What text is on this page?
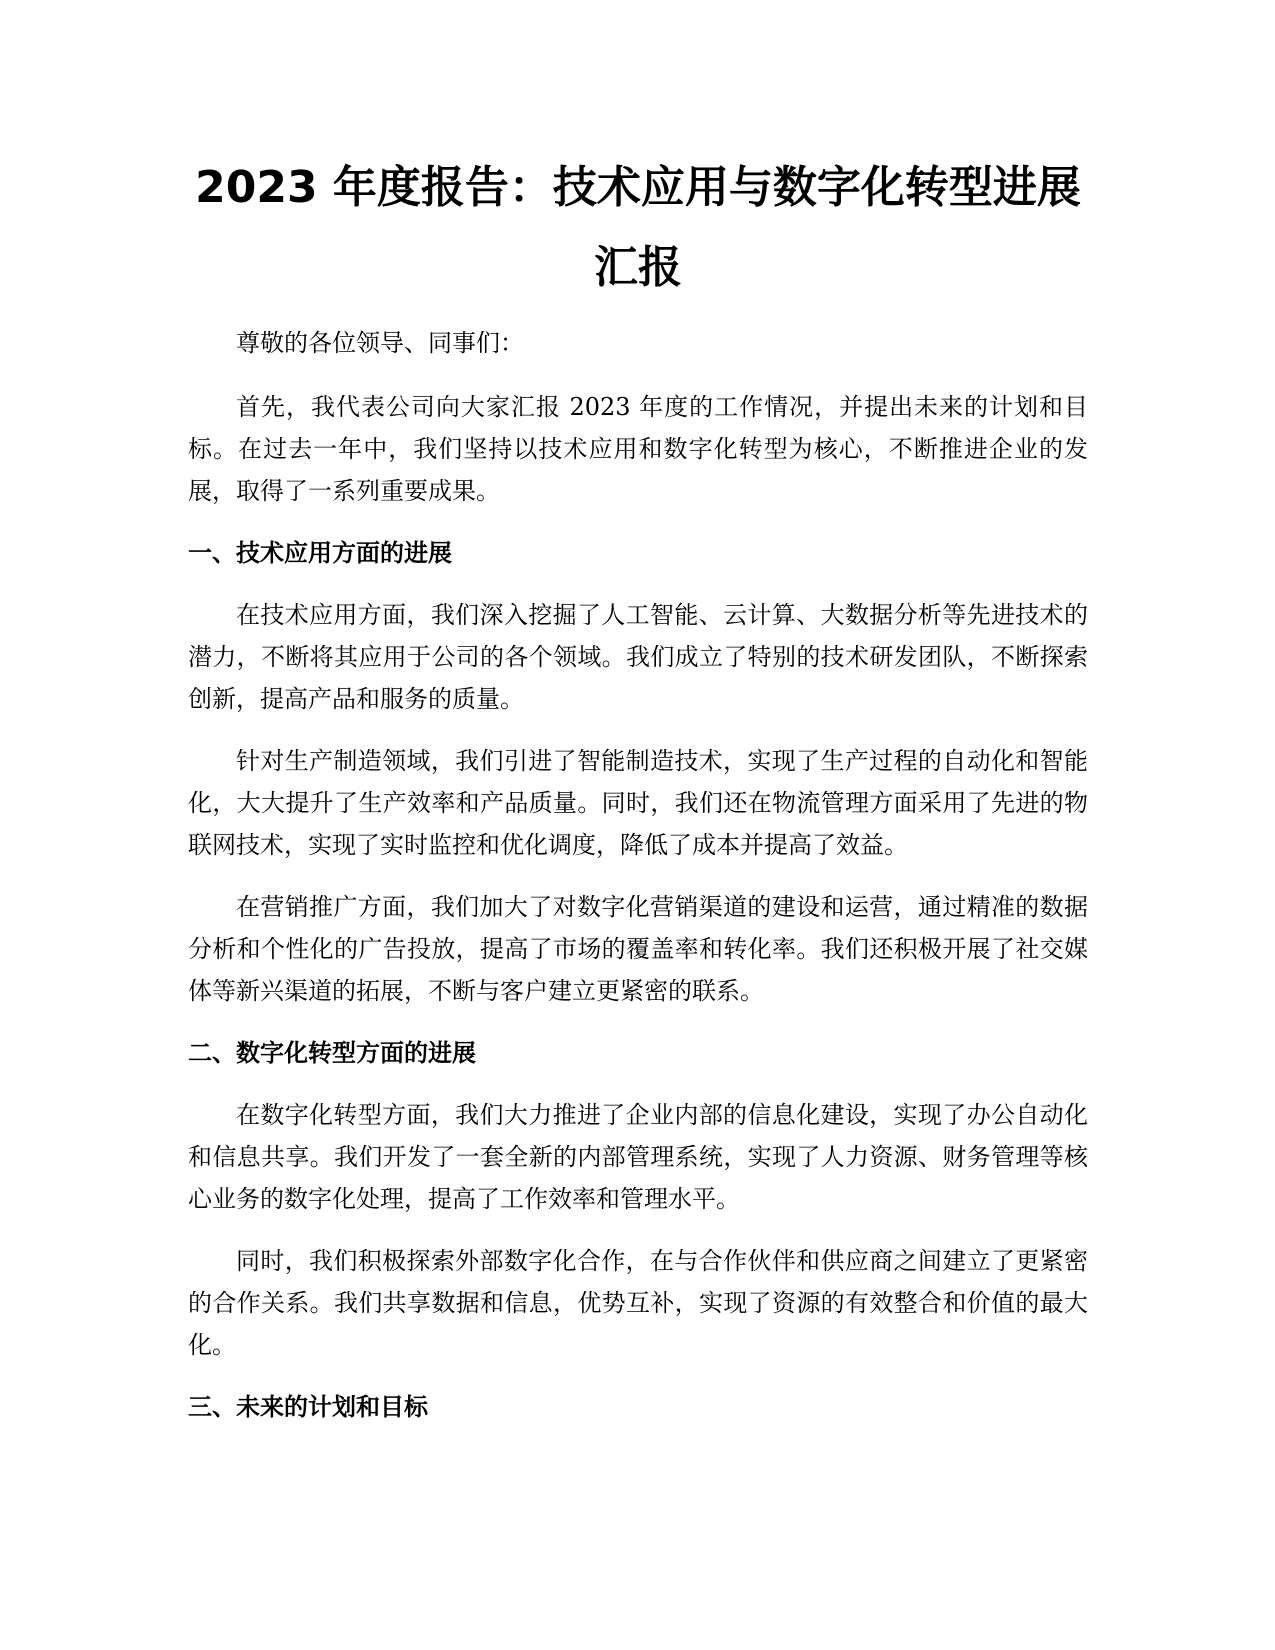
2023 年度报告：技术应用与数字化转型进展
汇报

尊敬的各位领导、同事们：

首先，我代表公司向大家汇报 2023 年度的工作情况，并提出未来的计划和目标。在过去一年中，我们坚持以技术应用和数字化转型为核心，不断推进企业的发展，取得了一系列重要成果。

一、技术应用方面的进展

在技术应用方面，我们深入挖掘了人工智能、云计算、大数据分析等先进技术的潜力，不断将其应用于公司的各个领域。我们成立了特别的技术研发团队，不断探索创新，提高产品和服务的质量。

针对生产制造领域，我们引进了智能制造技术，实现了生产过程的自动化和智能化，大大提升了生产效率和产品质量。同时，我们还在物流管理方面采用了先进的物联网技术，实现了实时监控和优化调度，降低了成本并提高了效益。

在营销推广方面，我们加大了对数字化营销渠道的建设和运营，通过精准的数据分析和个性化的广告投放，提高了市场的覆盖率和转化率。我们还积极开展了社交媒体等新兴渠道的拓展，不断与客户建立更紧密的联系。

二、数字化转型方面的进展

在数字化转型方面，我们大力推进了企业内部的信息化建设，实现了办公自动化和信息共享。我们开发了一套全新的内部管理系统，实现了人力资源、财务管理等核心业务的数字化处理，提高了工作效率和管理水平。

同时，我们积极探索外部数字化合作，在与合作伙伴和供应商之间建立了更紧密的合作关系。我们共享数据和信息，优势互补，实现了资源的有效整合和价值的最大化。

三、未来的计划和目标
